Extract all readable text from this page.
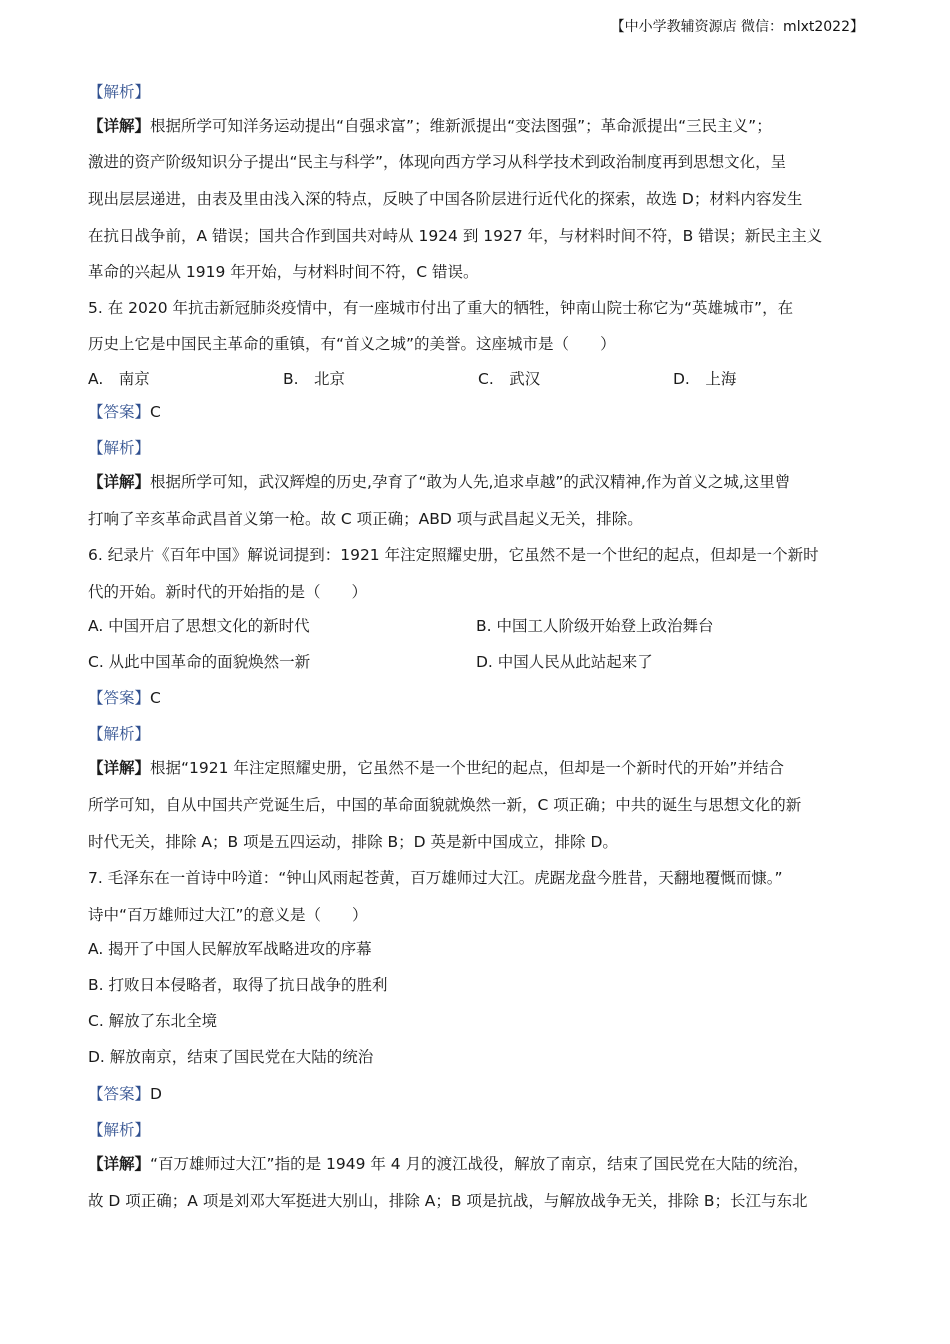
【中小学教辅资源店 微信：mlxt2022】
【解析】
【详解】根据所学可知洋务运动提出“自强求富”；维新派提出“变法图强”；革命派提出“三民主义”；
激进的资产阶级知识分子提出“民主与科学”，体现向西方学习从科学技术到政治制度再到思想文化，呈
现出层层递进，由表及里由浅入深的特点，反映了中国各阶层进行近代化的探索，故选 D；材料内容发生
在抗日战争前，A 错误；国共合作到国共对峙从 1924 到 1927 年，与材料时间不符，B 错误；新民主主义
革命的兴起从 1919 年开始，与材料时间不符，C 错误。
5. 在 2020 年抗击新冠肺炎疫情中，有一座城市付出了重大的牺牲，钟南山院士称它为“英雄城市”，在
历史上它是中国民主革命的重镇，有“首义之城”的美誉。这座城市是（　　）
A.　南京	B.　北京	C.　武汉	D.　上海
【答案】C
【解析】
【详解】根据所学可知，武汉辉煌的历史,孕育了“敢为人先,追求卓越”的武汉精神,作为首义之城,这里曾
打响了辛亥革命武昌首义第一枪。故 C 项正确；ABD 项与武昌起义无关，排除。
6. 纪录片《百年中国》解说词提到：1921 年注定照耀史册，它虽然不是一个世纪的起点，但却是一个新时
代的开始。新时代的开始指的是（　　）
A. 中国开启了思想文化的新时代	B. 中国工人阶级开始登上政治舞台
C. 从此中国革命的面貌焕然一新	D. 中国人民从此站起来了
【答案】C
【解析】
【详解】根据“1921 年注定照耀史册，它虽然不是一个世纪的起点，但却是一个新时代的开始”并结合
所学可知，自从中国共产党诞生后，中国的革命面貌就焕然一新，C 项正确；中共的诞生与思想文化的新
时代无关，排除 A；B 项是五四运动，排除 B；D 英是新中国成立，排除 D。
7. 毛泽东在一首诗中吟道：“钟山风雨起苍黄，百万雄师过大江。虎踞龙盘今胜昔，天翻地覆慨而慷。”
诗中“百万雄师过大江”的意义是（　　）
A. 揭开了中国人民解放军战略进攻的序幕
B. 打败日本侵略者，取得了抗日战争的胜利
C. 解放了东北全境
D. 解放南京，结束了国民党在大陆的统治
【答案】D
【解析】
【详解】“百万雄师过大江”指的是 1949 年 4 月的渡江战役，解放了南京，结束了国民党在大陆的统治，
故 D 项正确；A 项是刘邓大军挺进大别山，排除 A；B 项是抗战，与解放战争无关，排除 B；长江与东北
